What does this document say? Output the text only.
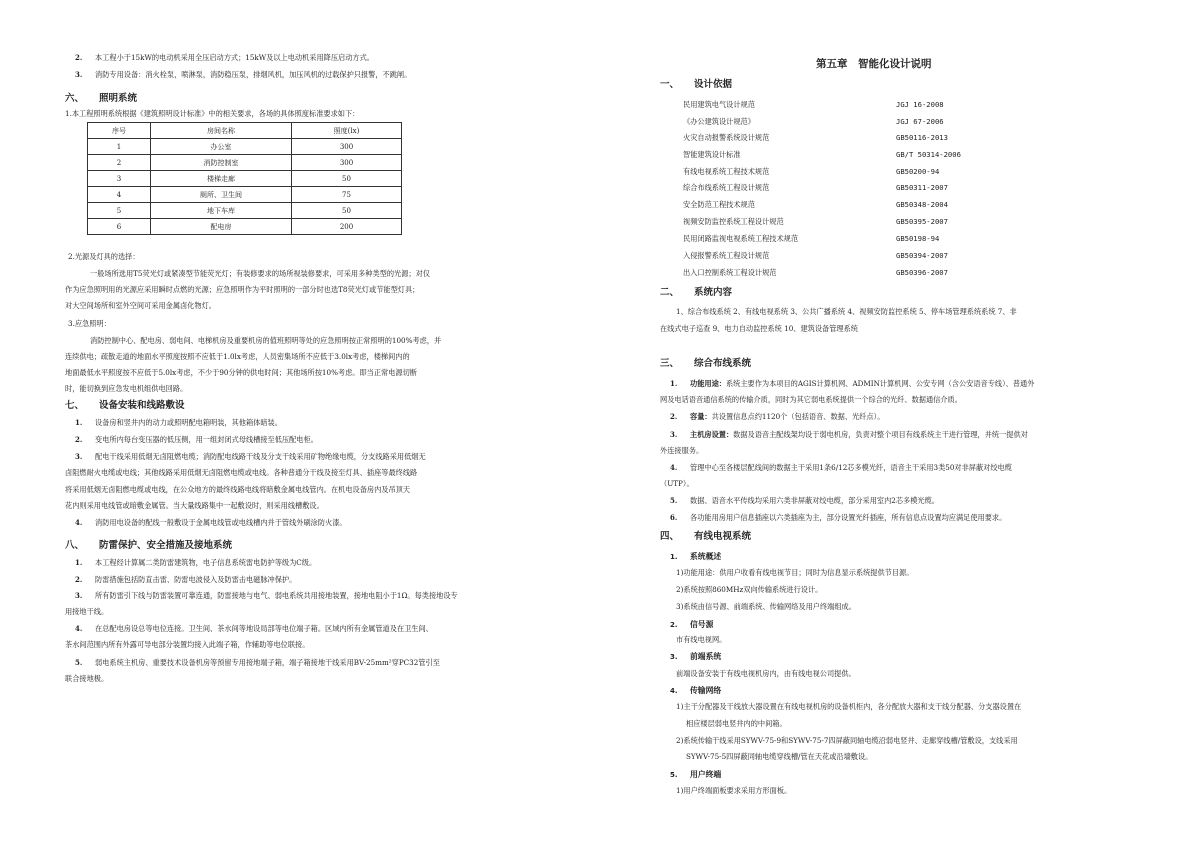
2. 本工程小于15kW的电动机采用全压启动方式；15kW及以上电动机采用降压启动方式。
3. 消防专用设备：消火栓泵，喷淋泵，消防稳压泵，排烟风机，加压风机的过载保护只报警，不跳闸。
六、 照明系统
1.本工程照明系统根据《建筑照明设计标准》中的相关要求，各场的具体照度标准要求如下：
序号	房间名称	照度(lx)
1	办公室	300
2	消防控制室	300
3	楼梯走廊	50
4	厕所、卫生间	75
5	地下车库	50
6	配电房	200
2.光源及灯具的选择：
一般场所选用T5荧光灯或紧凑型节能荧光灯；有装修要求的场所视装修要求，可采用多种类型的光源；对仅
作为应急照明用的光源应采用瞬时点燃的光源；应急照明作为平时照明的一部分时也选T8荧光灯或节能型灯具；
对大空间场所和室外空间可采用金属卤化物灯。
3.应急照明：
消防控制中心、配电房、弱电间、电梯机房及重要机房的值班照明等处的应急照明按正常照明的100%考虑，并
连续供电；疏散走道的地面水平照度按照不应低于1.0lx考虑，人员密集场所不应低于3.0lx考虑，楼梯间内的
地面最低水平照度按不应低于5.0lx考虑，不少于90分钟的供电时间；其他场所按10%考虑。即当正常电源切断
时，能切换到应急发电机组供电回路。
七、 设备安装和线路敷设
1. 设备房和竖井内的动力或照明配电箱明装，其他箱体暗装。
2. 变电所内每台变压器的低压侧，用一组封闭式母线槽接至低压配电柜。
3. 配电干线采用低烟无卤阻燃电缆；消防配电线路干线及分支干线采用矿物绝缘电缆，分支线路采用低烟无
卤阻燃耐火电缆或电线；其他线路采用低烟无卤阻燃电缆或电线。各种普通分干线及接至灯具、插座等最终线路
将采用低烟无卤阻燃电缆或电线，在公众地方的最终线路电线将暗敷金属电线管内。在机电设备房内及吊顶天
花内则采用电线管或暗敷金属管。当大量线路集中一起敷设时，则采用线槽敷设。
4. 消防用电设备的配线一般敷设于金属电线管或电线槽内并于管线外刷涂防火漆。
八、 防雷保护、安全措施及接地系统
1. 本工程经计算属二类防雷建筑物，电子信息系统雷电防护等级为C级。
2. 防雷措施包括防直击雷、防雷电波侵入及防雷击电磁脉冲保护。
3. 所有防雷引下线与防雷装置可靠连通，防雷接地与电气、弱电系统共用接地装置，接地电阻小于1Ω。每类接地设专
用接地干线。
4. 在总配电房设总等电位连接。卫生间、茶水间等地设局部等电位端子箱。区域内所有金属管道及在卫生间、
茶水间范围内所有外露可导电部分装置均接入此端子箱，作辅助等电位联接。
5. 弱电系统主机房、重要技术设备机房等预留专用接地端子箱，端子箱接地干线采用BV-25mm²穿PC32管引至
联合接地极。
第五章　智能化设计说明
一、 设计依据
民用建筑电气设计规范	JGJ 16-2008
《办公建筑设计规范》	JGJ 67-2006
火灾自动报警系统设计规范	GB50116-2013
智能建筑设计标准	GB/T 50314-2006
有线电视系统工程技术规范	GB50200-94
综合布线系统工程设计规范	GB50311-2007
安全防范工程技术规范	GB50348-2004
视频安防监控系统工程设计规范	GB50395-2007
民用闭路监视电视系统工程技术规范	GB50198-94
入侵报警系统工程设计规范	GB50394-2007
出入口控制系统工程设计规范	GB50396-2007
二、 系统内容
1、综合布线系统 2、有线电视系统 3、公共广播系统 4、视频安防监控系统 5、停车场管理系统系统 7、非
在线式电子巡查 9、电力自动监控系统 10、建筑设备管理系统
三、 综合布线系统
1. 功能用途：系统主要作为本项目的AGIS计算机网、ADMIN计算机网、公安专网（含公安语音专线）、普通外
网及电话语音通信系统的传输介质，同时为其它弱电系统提供一个综合的光纤、数据通信介质。
2. 容量：共设置信息点约1120个（包括语音、数据、光纤点）。
3. 主机房设置：数据及语音主配线架均设于弱电机房，负责对整个项目有线系统主干进行管理，并统一提供对
外连接服务。
4. 管理中心至各楼层配线间的数据主干采用1条6/12芯多模光纤，语音主干采用3类50对非屏蔽对绞电缆
（UTP）。
5. 数据、语音水平传线均采用六类非屏蔽对绞电缆，部分采用室内2芯多模光缆。
6. 各功能用房用户信息插座以六类插座为主，部分设置光纤插座，所有信息点设置均应满足使用要求。
四、 有线电视系统
1. 系统概述
1)功能用途：供用户收看有线电视节目；同时为信息显示系统提供节目源。
2)系统按照860MHz双向传输系统进行设计。
3)系统由信号源、前端系统、传输网络及用户终端组成。
2. 信号源
市有线电视网。
3. 前端系统
前端设备安装于有线电视机房内，由有线电视公司提供。
4. 传输网络
1)主干分配器及干线放大器设置在有线电视机房的设备机柜内，各分配放大器和支干线分配器、分支器设置在
相应楼层弱电竖井内的中间箱。
2)系统传输干线采用SYWV-75-9和SYWV-75-7四屏蔽同轴电缆沿弱电竖井、走廊穿线槽/管敷设，支线采用
SYWV-75-5四屏蔽同轴电缆穿线槽/管在天花或沿墙敷设。
5. 用户终端
1)用户终端面板要求采用方形面板。
